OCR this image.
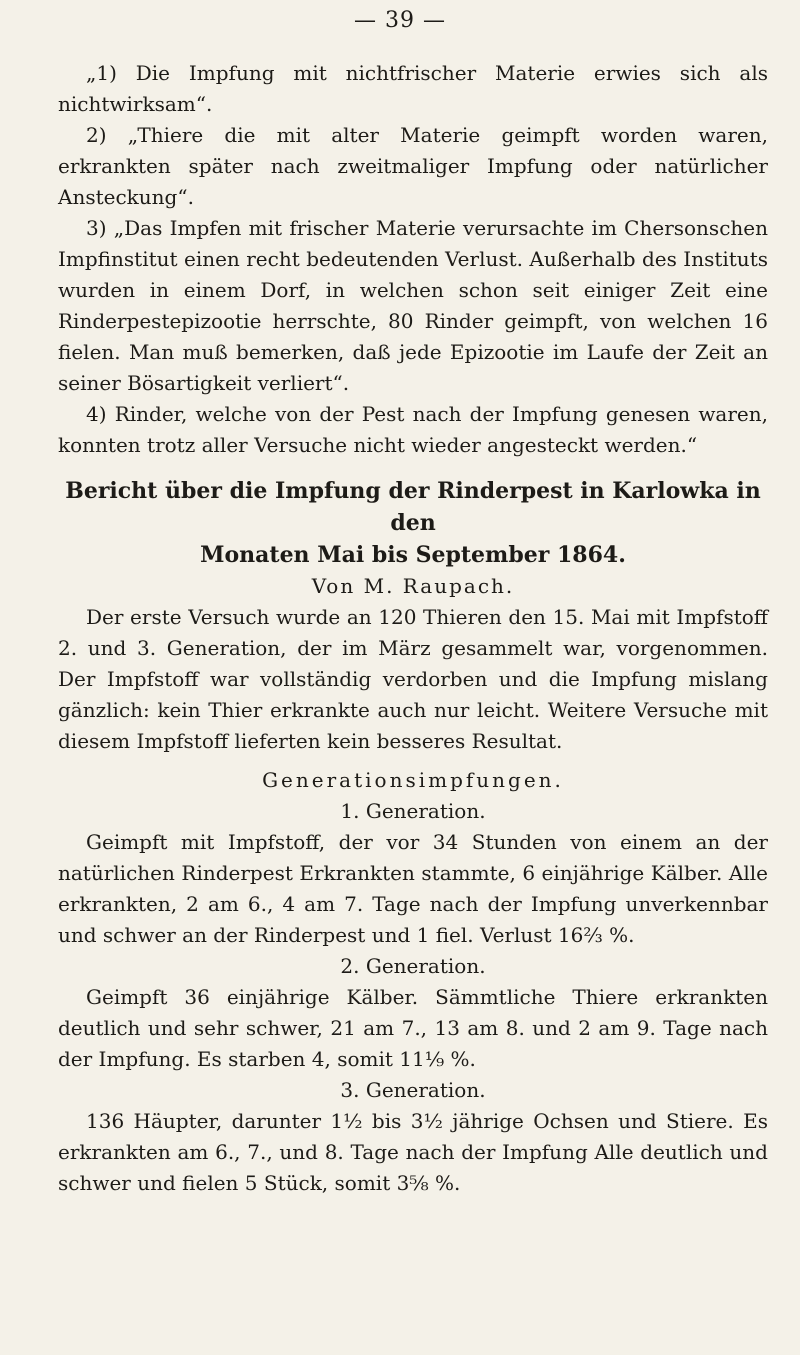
— 39 —

„1) Die Impfung mit nichtfrischer Materie erwies sich als nichtwirksam“.

2) „Thiere die mit alter Materie geimpft worden waren, erkrankten später nach zweitmaliger Impfung oder natürlicher Ansteckung“.

3) „Das Impfen mit frischer Materie verursachte im Chersonschen Impfinstitut einen recht bedeutenden Verlust. Außerhalb des Instituts wurden in einem Dorf, in welchen schon seit einiger Zeit eine Rinderpestepizootie herrschte, 80 Rinder geimpft, von welchen 16 fielen. Man muß bemerken, daß jede Epizootie im Laufe der Zeit an seiner Bösartigkeit verliert“.

4) Rinder, welche von der Pest nach der Impfung genesen waren, konnten trotz aller Versuche nicht wieder angesteckt werden.“

Bericht über die Impfung der Rinderpest in Karlowka in den

Monaten Mai bis September 1864.

Von M. Raupach.

Der erste Versuch wurde an 120 Thieren den 15. Mai mit Impfstoff 2. und 3. Generation, der im März gesammelt war, vorgenommen. Der Impfstoff war vollständig verdorben und die Impfung mislang gänzlich: kein Thier erkrankte auch nur leicht. Weitere Versuche mit diesem Impfstoff lieferten kein besseres Resultat.

Generationsimpfungen.

1. Generation.

Geimpft mit Impfstoff, der vor 34 Stunden von einem an der natürlichen Rinderpest Erkrankten stammte, 6 einjährige Kälber. Alle erkrankten, 2 am 6., 4 am 7. Tage nach der Impfung unverkennbar und schwer an der Rinderpest und 1 fiel. Verlust 16⅔ %.

2. Generation.

Geimpft 36 einjährige Kälber. Sämmtliche Thiere erkrankten deutlich und sehr schwer, 21 am 7., 13 am 8. und 2 am 9. Tage nach der Impfung. Es starben 4, somit 11⅑ %.

3. Generation.

136 Häupter, darunter 1½ bis 3½ jährige Ochsen und Stiere. Es erkrankten am 6., 7., und 8. Tage nach der Impfung Alle deutlich und schwer und fielen 5 Stück, somit 3⅝ %.
